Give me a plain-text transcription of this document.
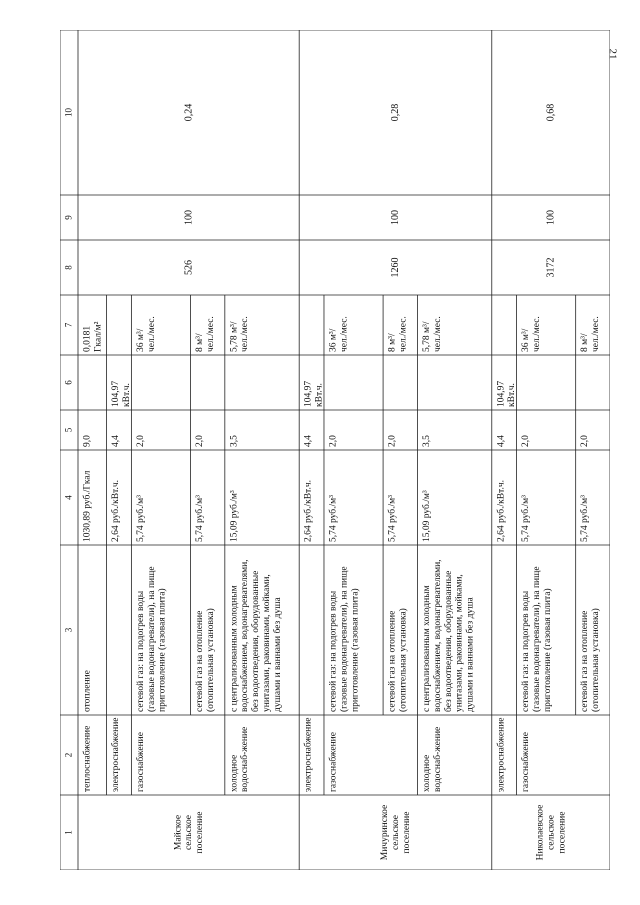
21
1
2
3
4
5
6
7
8
9
10
Майскоесельскоепоселение
теплоснабжение
отопление
1030,89 руб./Гкал
9,0
0,0181Гкал/м²
электроснабжение
2,64 руб./кВт.ч.
4,4
104,97кВт.ч.
526
100
0,24
газоснабжение
сетевой газ: на подогрев воды(газовые водонагреватели), на пищеприготовление (газовая плита)
5,74 руб./м³
2,0
36 м³/чел./мес.
сетевой газ на отопление(отопительная установка)
5,74 руб./м³
2,0
8 м³/чел./мес.
холодноеводоснаб-жение
с централизованным холоднымводоснабжением, водонагревателями,без водоотведения, оборудованныеунитазами, раковинами, мойками,душами и ваннами без душа
15,09 руб./м³
3,5
5,78 м³/чел./мес.
Мичуринскоесельскоепоселение
электроснабжение
2,64 руб./кВт.ч.
4,4
104,97кВт.ч.
1260
100
0,28
газоснабжение
сетевой газ: на подогрев воды(газовые водонагреватели), на пищеприготовление (газовая плита)
5,74 руб./м³
2,0
36 м³/чел./мес.
сетевой газ на отопление(отопительная установка)
5,74 руб./м³
2,0
8 м³/чел./мес.
холодноеводоснаб-жение
с централизованным холоднымводоснабжением, водонагревателями,без водоотведения, оборудованныеунитазами, раковинами, мойками,душами и ваннами без душа
15,09 руб./м³
3,5
5,78 м³/чел./мес.
Николаевскоесельскоепоселение
электроснабжение
2,64 руб./кВт.ч.
4,4
104,97кВт.ч.
3172
100
0,68
газоснабжение
сетевой газ: на подогрев воды(газовые водонагреватели), на пищеприготовление (газовая плита)
5,74 руб./м³
2,0
36 м³/чел./мес.
сетевой газ на отопление(отопительная установка)
5,74 руб./м³
2,0
8 м³/чел./мес.
